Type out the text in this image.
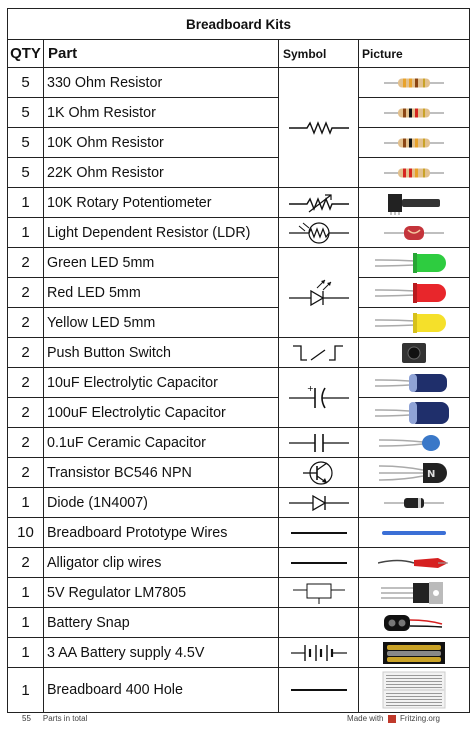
Breadboard Kits			
QTY	Part	Symbol	Picture
5	330 Ohm Resistor	

5	1K Ohm Resistor	

5	10K Ohm Resistor	

5	22K Ohm Resistor	

1	10K Rotary Potentiometer	

1	Light Dependent Resistor (LDR)	

2	Green LED 5mm	

2	Red LED 5mm	

2	Yellow LED 5mm	

2	Push Button Switch	

2	10uF Electrolytic Capacitor	+

2	100uF Electrolytic Capacitor	

2	0.1uF Ceramic Capacitor	

2	Transistor BC546 NPN		N

1	Diode (1N4007)	

10	Breadboard Prototype Wires	

2	Alligator clip wires	

1	5V Regulator LM7805	

1	Battery Snap		

1	3 AA Battery supply 4.5V	

1	Breadboard 400 Hole	

55 Parts in total	Made with Fritzing.org
